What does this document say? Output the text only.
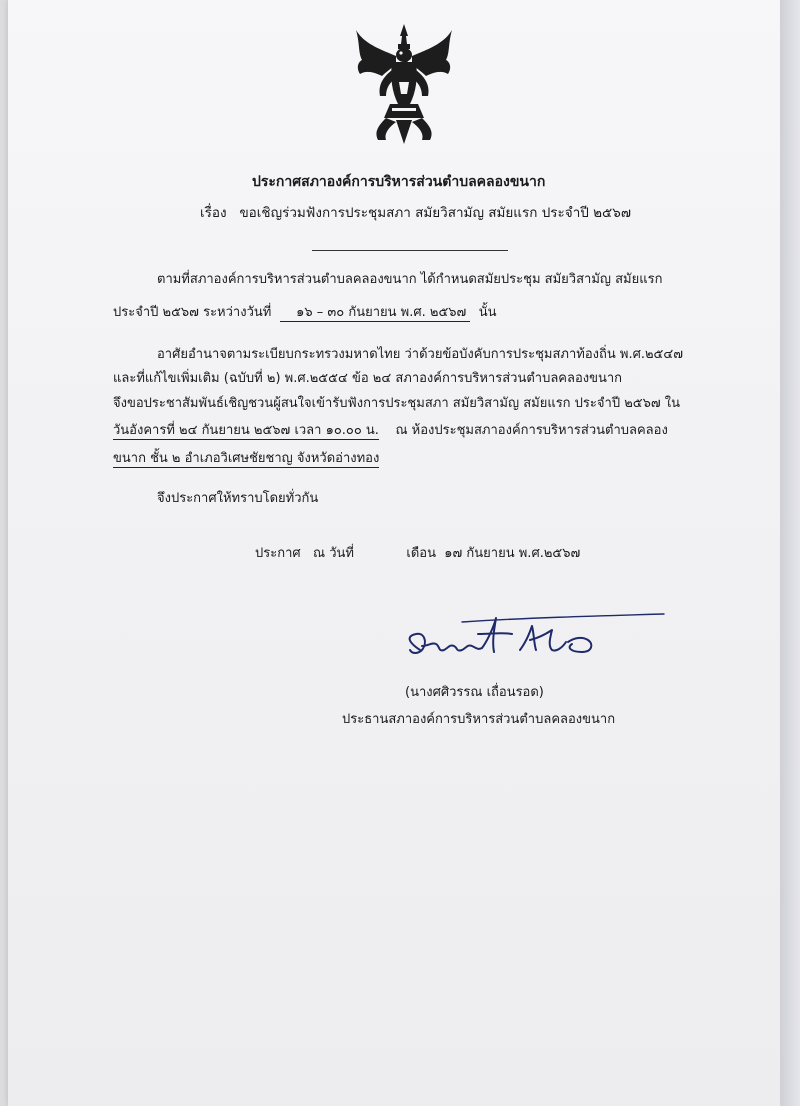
ประกาศสภาองค์การบริหารส่วนตำบลคลองขนาก
เรื่อง ขอเชิญร่วมฟังการประชุมสภา สมัยวิสามัญ สมัยแรก ประจำปี ๒๕๖๗
ตามที่สภาองค์การบริหารส่วนตำบลคลองขนาก ได้กำหนดสมัยประชุม สมัยวิสามัญ สมัยแรก
ประจำปี ๒๕๖๗ ระหว่างวันที่ ๑๖ – ๓๐ กันยายน พ.ศ. ๒๕๖๗ นั้น
อาศัยอำนาจตามระเบียบกระทรวงมหาดไทย ว่าด้วยข้อบังคับการประชุมสภาท้องถิ่น พ.ศ.๒๕๔๗
และที่แก้ไขเพิ่มเติม (ฉบับที่ ๒) พ.ศ.๒๕๕๔ ข้อ ๒๔ สภาองค์การบริหารส่วนตำบลคลองขนาก
จึงขอประชาสัมพันธ์เชิญชวนผู้สนใจเข้ารับฟังการประชุมสภา สมัยวิสามัญ สมัยแรก ประจำปี ๒๕๖๗ ใน
วันอังคารที่ ๒๔ กันยายน ๒๕๖๗ เวลา ๑๐.๐๐ น. ณ ห้องประชุมสภาองค์การบริหารส่วนตำบลคลอง
ขนาก ชั้น ๒ อำเภอวิเศษชัยชาญ จังหวัดอ่างทอง
จึงประกาศให้ทราบโดยทั่วกัน
ประกาศ ณ วันที่	เดือน ๑๗ กันยายน พ.ศ.๒๕๖๗
(นางศศิวรรณ เถื่อนรอด)
ประธานสภาองค์การบริหารส่วนตำบลคลองขนาก
